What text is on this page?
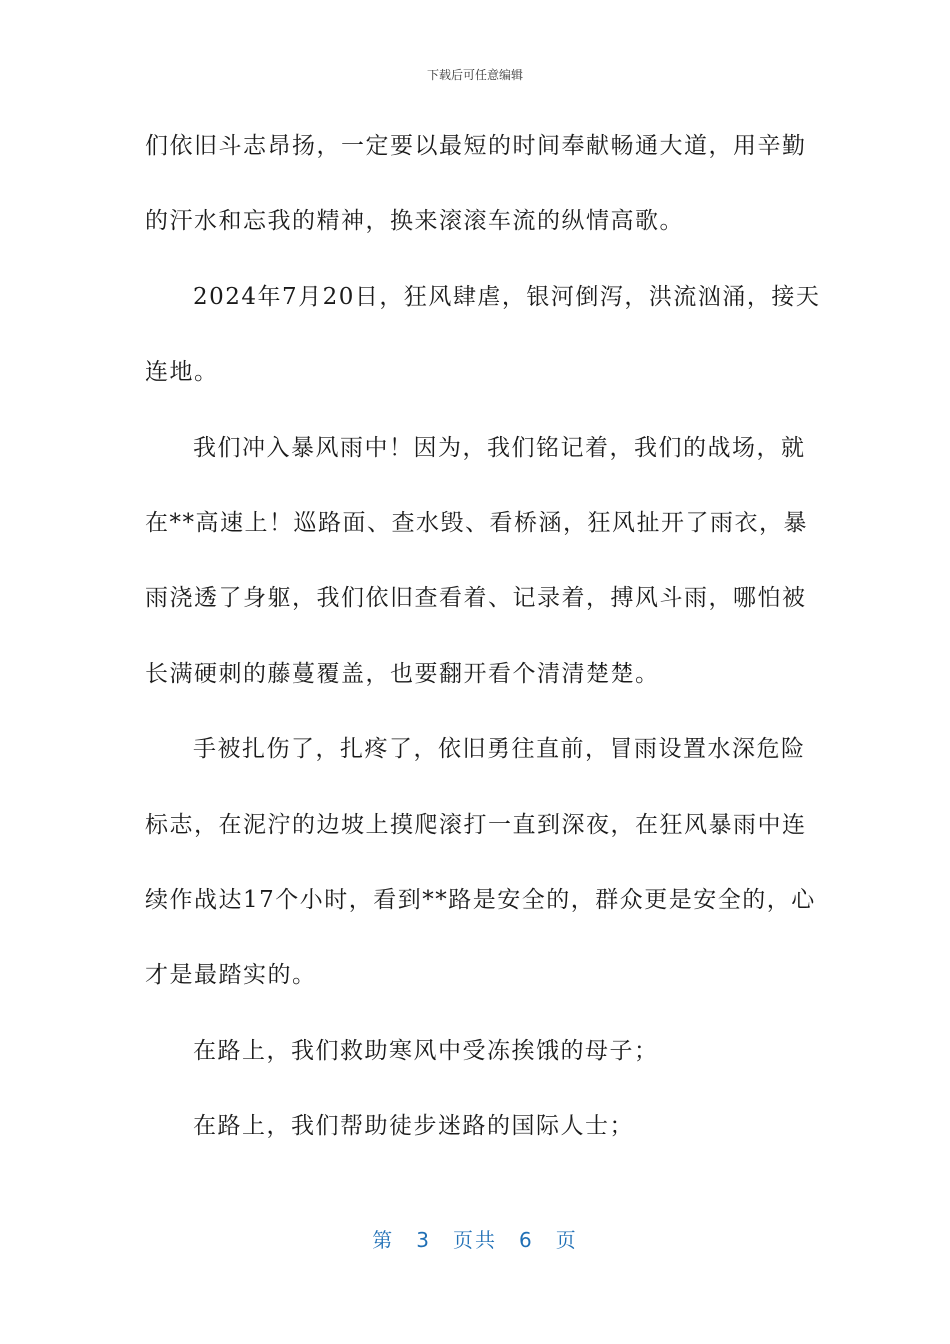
下载后可任意编辑
们依旧斗志昂扬，一定要以最短的时间奉献畅通大道，用辛勤
的汗水和忘我的精神，换来滚滚车流的纵情高歌。
2024年7月20日，狂风肆虐，银河倒泻，洪流汹涌，接天
连地。
我们冲入暴风雨中！因为，我们铭记着，我们的战场，就
在**高速上！巡路面、查水毁、看桥涵，狂风扯开了雨衣，暴
雨浇透了身躯，我们依旧查看着、记录着，搏风斗雨，哪怕被
长满硬刺的藤蔓覆盖，也要翻开看个清清楚楚。
手被扎伤了，扎疼了，依旧勇往直前，冒雨设置水深危险
标志，在泥泞的边坡上摸爬滚打一直到深夜，在狂风暴雨中连
续作战达17个小时，看到**路是安全的，群众更是安全的，心
才是最踏实的。
在路上，我们救助寒风中受冻挨饿的母子；
在路上，我们帮助徒步迷路的国际人士；
第 3 页共 6 页
